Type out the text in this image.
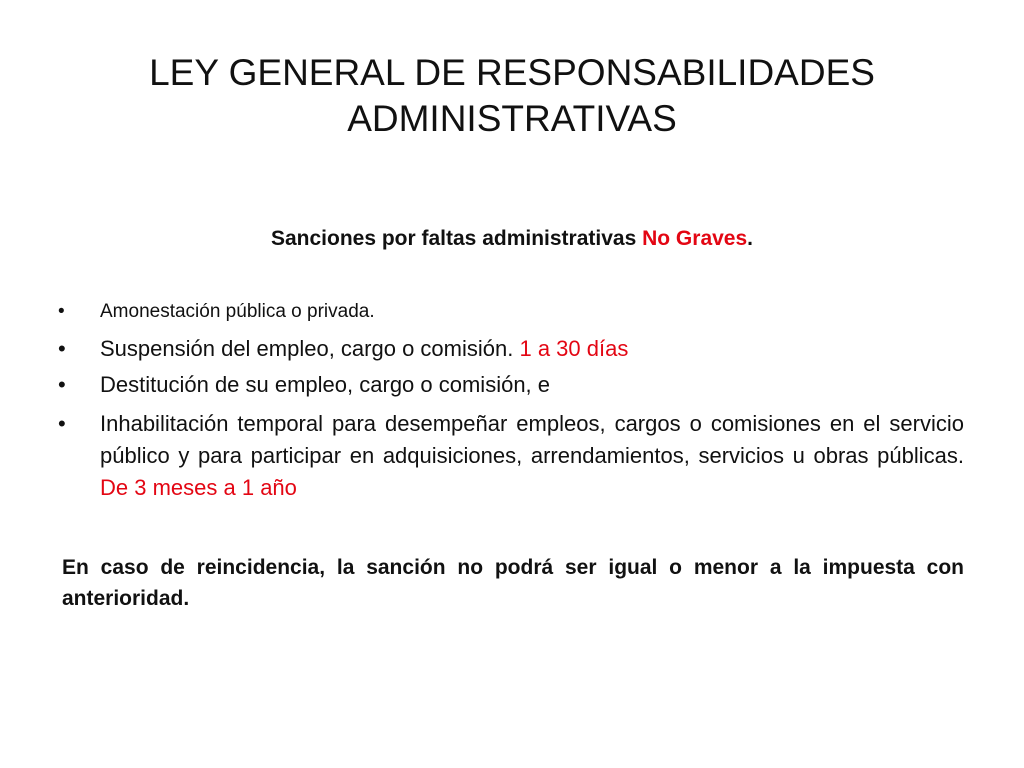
LEY GENERAL DE RESPONSABILIDADES ADMINISTRATIVAS

Sanciones por faltas administrativas No Graves.

• Amonestación pública o privada.
• Suspensión del empleo, cargo o comisión. 1 a 30 días
• Destitución de su empleo, cargo o comisión, e
• Inhabilitación temporal para desempeñar empleos, cargos o comisiones en el servicio público y para participar en adquisiciones, arrendamientos, servicios u obras públicas. De 3 meses a 1 año

En caso de reincidencia, la sanción no podrá ser igual o menor a la impuesta con anterioridad.
